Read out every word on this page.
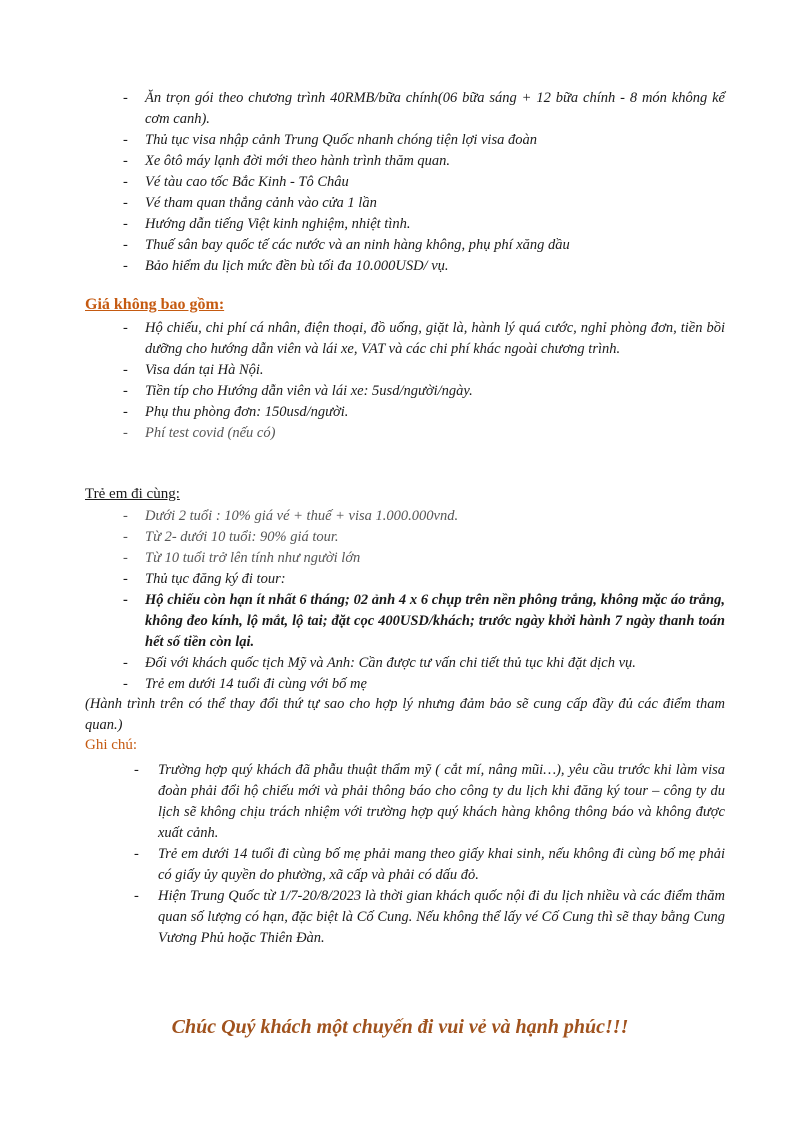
- Ăn trọn gói theo chương trình 40RMB/bữa chính(06 bữa sáng + 12 bữa chính - 8 món không kể cơm canh).
- Thủ tục visa nhập cảnh Trung Quốc nhanh chóng tiện lợi visa đoàn
- Xe ôtô máy lạnh đời mới theo hành trình thăm quan.
- Vé tàu cao tốc Bắc Kinh - Tô Châu
- Vé tham quan thắng cảnh vào cửa 1 lần
- Hướng dẫn tiếng Việt kinh nghiệm, nhiệt tình.
- Thuế sân bay quốc tế các nước và an ninh hàng không, phụ phí xăng dầu
- Bảo hiểm du lịch mức đền bù tối đa 10.000USD/ vụ.
Giá không bao gồm:
- Hộ chiếu, chi phí cá nhân, điện thoại, đồ uống, giặt là, hành lý quá cước, nghỉ phòng đơn, tiền bồi dưỡng cho hướng dẫn viên và lái xe, VAT và các chi phí khác ngoài chương trình.
- Visa dán tại Hà Nội.
- Tiền típ cho Hướng dẫn viên và lái xe: 5usd/người/ngày.
- Phụ thu phòng đơn: 150usd/người.
- Phí test covid (nếu có)
Trẻ em đi cùng:
- Dưới 2 tuổi : 10% giá vé + thuế + visa 1.000.000vnd.
- Từ 2- dưới 10 tuổi: 90% giá tour.
- Từ 10 tuổi trở lên tính như người lớn
- Thủ tục đăng ký đi tour:
- Hộ chiếu còn hạn ít nhất 6 tháng; 02 ảnh 4 x 6 chụp trên nền phông trắng, không mặc áo trắng, không đeo kính, lộ mắt, lộ tai; đặt cọc 400USD/khách; trước ngày khởi hành 7 ngày thanh toán hết số tiền còn lại.
- Đối với khách quốc tịch Mỹ và Anh: Cần được tư vấn chi tiết thủ tục khi đặt dịch vụ.
- Trẻ em dưới 14 tuổi đi cùng với bố mẹ
(Hành trình trên có thể thay đổi thứ tự sao cho hợp lý nhưng đảm bảo sẽ cung cấp đầy đủ các điểm tham quan.)
Ghi chú:
- Trường hợp quý khách đã phẫu thuật thẩm mỹ ( cắt mí, nâng mũi…), yêu cầu trước khi làm visa đoàn phải đổi hộ chiếu mới và phải thông báo cho công ty du lịch khi đăng ký tour – công ty du lịch sẽ không chịu trách nhiệm với trường hợp quý khách hàng không thông báo và không được xuất cảnh.
- Trẻ em dưới 14 tuổi đi cùng bố mẹ phải mang theo giấy khai sinh, nếu không đi cùng bố mẹ phải có giấy ủy quyền do phường, xã cấp và phải có dấu đỏ.
- Hiện Trung Quốc từ 1/7-20/8/2023 là thời gian khách quốc nội đi du lịch nhiều và các điểm thăm quan số lượng có hạn, đặc biệt là Cố Cung. Nếu không thể lấy vé Cố Cung thì sẽ thay bằng Cung Vương Phủ hoặc Thiên Đàn.
Chúc Quý khách một chuyến đi vui vẻ và hạnh phúc!!!
